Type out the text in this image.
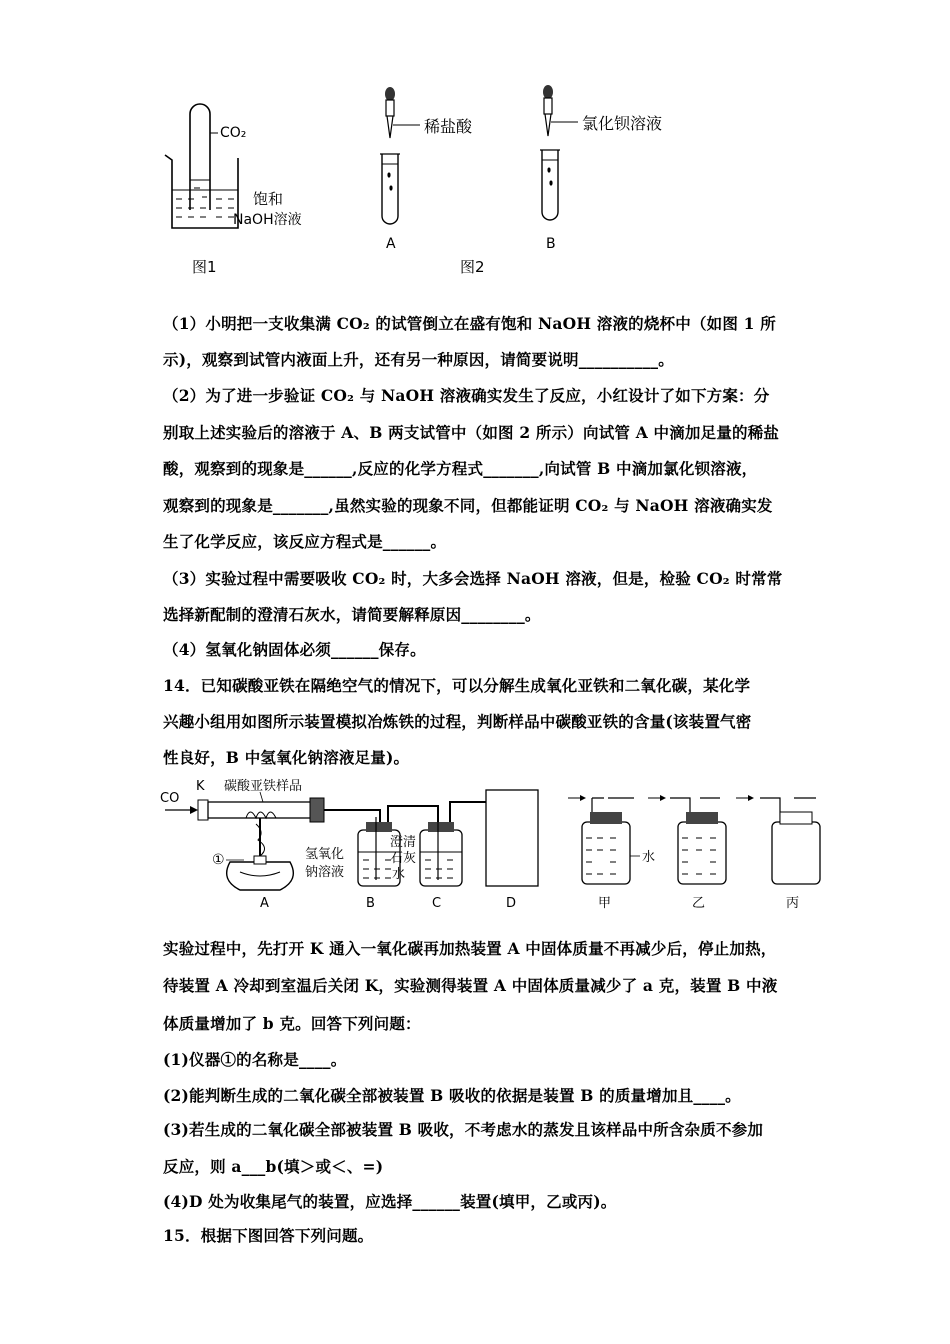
CO₂
饱和
NaOH溶液
图1
稀盐酸
A
氯化钡溶液
B
图2
（1）小明把一支收集满 CO₂ 的试管倒立在盛有饱和 NaOH 溶液的烧杯中（如图 1 所
示)，观察到试管内液面上升，还有另一种原因，请简要说明__________。
（2）为了进一步验证 CO₂ 与 NaOH 溶液确实发生了反应，小红设计了如下方案：分
别取上述实验后的溶液于 A、B 两支试管中（如图 2 所示）向试管 A 中滴加足量的稀盐
酸，观察到的现象是______,反应的化学方程式_______,向试管 B 中滴加氯化钡溶液，
观察到的现象是_______,虽然实验的现象不同，但都能证明 CO₂ 与 NaOH 溶液确实发
生了化学反应，该反应方程式是______。
（3）实验过程中需要吸收 CO₂ 时，大多会选择 NaOH 溶液，但是，检验 CO₂ 时常常
选择新配制的澄清石灰水，请简要解释原因________。
（4）氢氧化钠固体必须______保存。
14．已知碳酸亚铁在隔绝空气的情况下，可以分解生成氧化亚铁和二氧化碳，某化学
兴趣小组用如图所示装置模拟冶炼铁的过程，判断样品中碳酸亚铁的含量(该装置气密
性良好，B 中氢氧化钠溶液足量)。
CO
K 碳酸亚铁样品
①
A
氢氧化
钠溶液
B
澄清
石灰
水
C	D
水
甲	乙	丙
实验过程中，先打开 K 通入一氧化碳再加热装置 A 中固体质量不再减少后，停止加热，
待装置 A 冷却到室温后关闭 K，实验测得装置 A 中固体质量减少了 a 克，装置 B 中液
体质量增加了 b 克。回答下列问题：
(1)仪器①的名称是____。
(2)能判断生成的二氧化碳全部被装置 B 吸收的依据是装置 B 的质量增加且____。
(3)若生成的二氧化碳全部被装置 B 吸收，不考虑水的蒸发且该样品中所含杂质不参加
反应，则 a___b(填＞或＜、=)
(4)D 处为收集尾气的装置，应选择______装置(填甲，乙或丙)。
15．根据下图回答下列问题。
